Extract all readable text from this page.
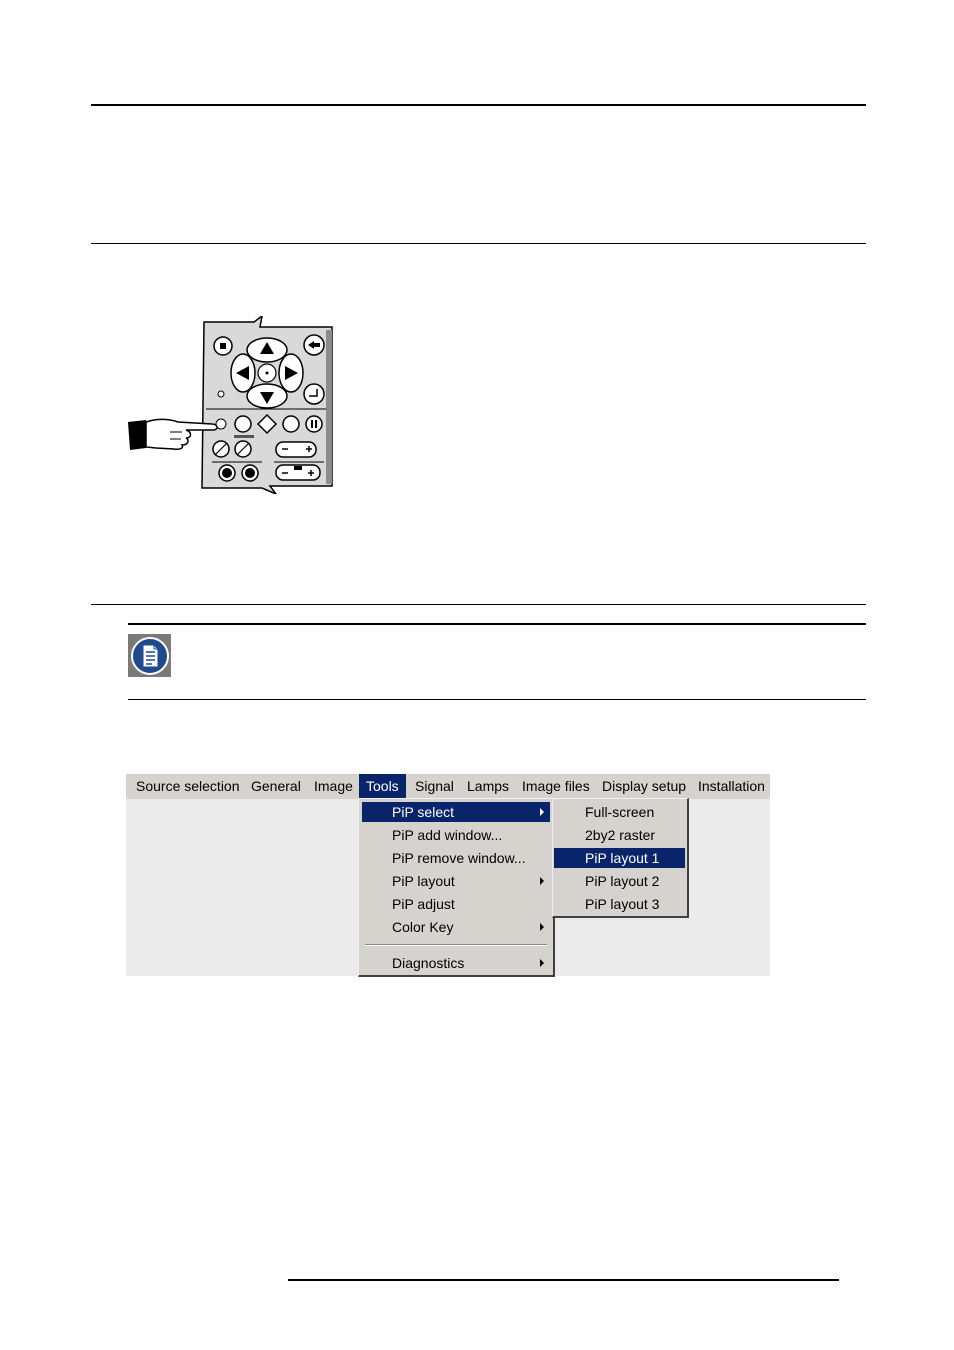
Source selection General Image Tools	Signal Lamps Image files Display setup Installation
PiP select
PiP add window...
PiP remove window...
PiP layout
PiP adjust
Color Key
Diagnostics
Full-screen
2by2 raster
PiP layout 1
PiP layout 2
PiP layout 3
